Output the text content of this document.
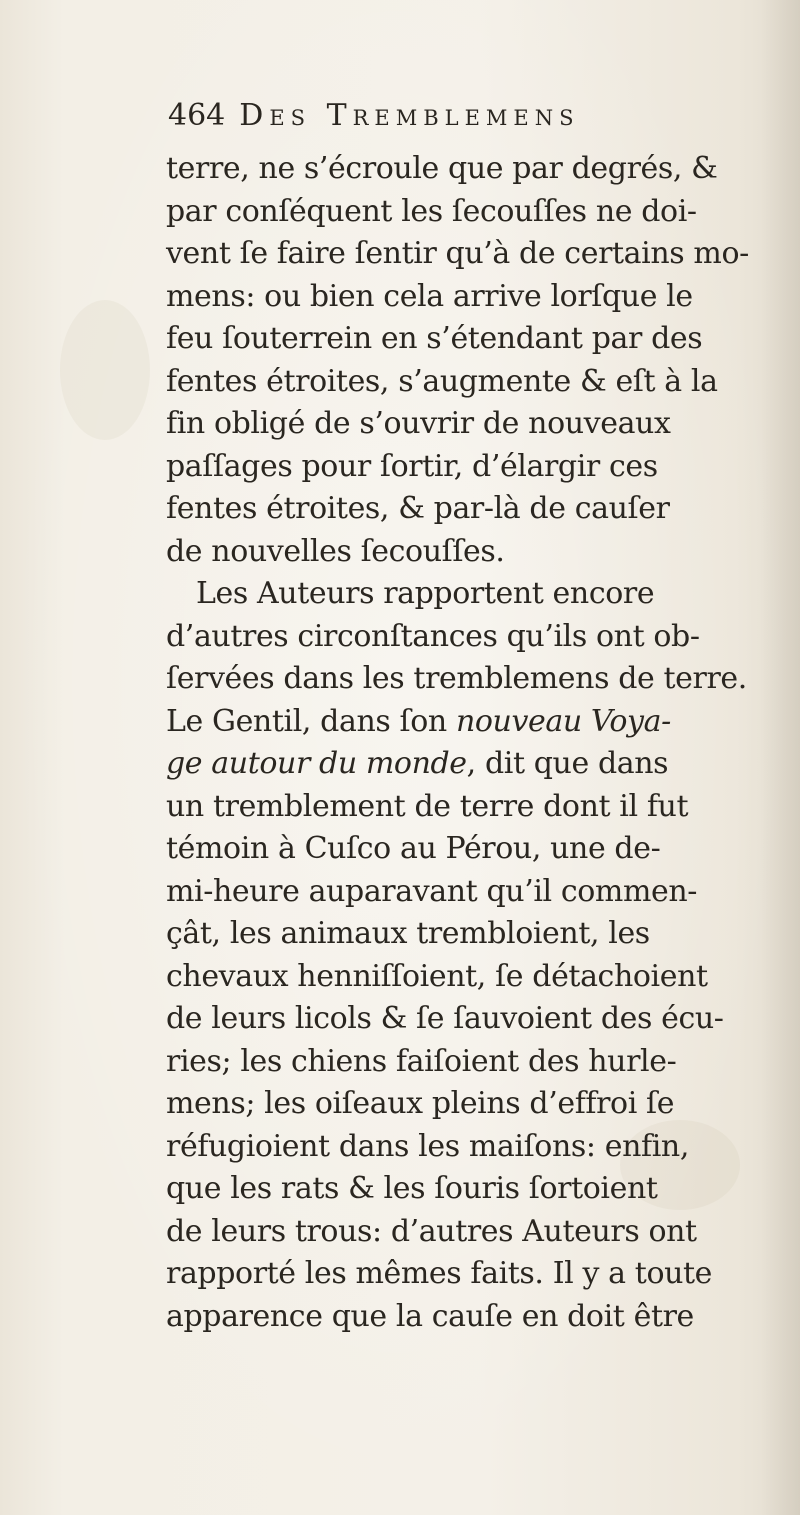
464 Des Tremblemens
terre, ne s’écroule que par degrés, &
par conſéquent les ſecouſſes ne doi-
vent ſe faire ſentir qu’à de certains mo-
mens: ou bien cela arrive lorſque le
feu ſouterrein en s’étendant par des
fentes étroites, s’augmente & eſt à la
fin obligé de s’ouvrir de nouveaux
paſſages pour ſortir, d’élargir ces
fentes étroites, & par-là de cauſer
de nouvelles ſecouſſes.
Les Auteurs rapportent encore
d’autres circonſtances qu’ils ont ob-
ſervées dans les tremblemens de terre.
Le Gentil, dans ſon nouveau Voya-
ge autour du monde, dit que dans
un tremblement de terre dont il fut
témoin à Cuſco au Pérou, une de-
mi-heure auparavant qu’il commen-
çât, les animaux trembloient, les
chevaux henniſſoient, ſe détachoient
de leurs licols & ſe ſauvoient des écu-
ries; les chiens faiſoient des hurle-
mens; les oiſeaux pleins d’effroi ſe
réfugioient dans les maiſons: enfin,
que les rats & les ſouris ſortoient
de leurs trous: d’autres Auteurs ont
rapporté les mêmes faits. Il y a toute
apparence que la cauſe en doit être
